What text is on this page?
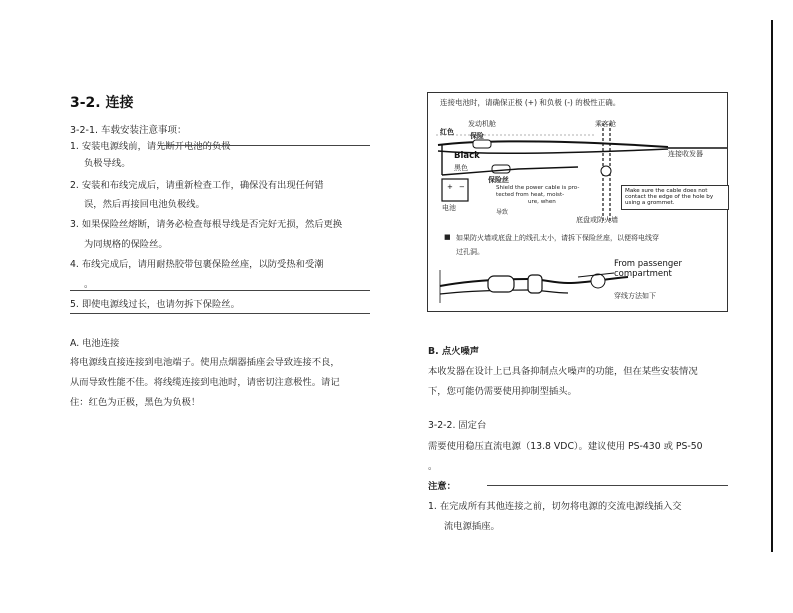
3-2. 连接
3-2-1. 车载安装注意事项：
1. 安装电源线前，请先断开电池的负极
负极导线。
2. 安装和布线完成后，请重新检查工作，确保没有出现任何错
误，然后再接回电池负极线。
3. 如果保险丝熔断，请务必检查每根导线是否完好无损，然后更换
为同规格的保险丝。
4. 布线完成后，请用耐热胶带包裹保险丝座，以防受热和受潮
。
5. 即使电源线过长，也请勿拆下保险丝。
A. 电池连接
将电源线直接连接到电池端子。使用点烟器插座会导致连接不良，
从而导致性能不佳。将线缆连接到电池时，请密切注意极性。请记
住：红色为正极，黑色为负极！
连接电池时，请确保正极 (+) 和负极 (-) 的极性正确。
+ −
红色
发动机舱
保险
乘客舱
Black
黑色
连接收发器
保险丝
电池
Shield the power cable is pro-
tected from heat, moist-
ure, when
导致
底盘或防火墙
Make sure the cable does not contact the edge of the hole by using a grommet.
■ 如果防火墙或底盘上的线孔太小，请拆下保险丝座，以便将电线穿
过孔洞。
From passenger
compartment
穿线方法如下
B. 点火噪声
本收发器在设计上已具备抑制点火噪声的功能，但在某些安装情况
下，您可能仍需要使用抑制型插头。
3-2-2. 固定台
需要使用稳压直流电源（13.8 VDC）。建议使用 PS-430 或 PS-50
。
注意：
1. 在完成所有其他连接之前，切勿将电源的交流电源线插入交
流电源插座。
